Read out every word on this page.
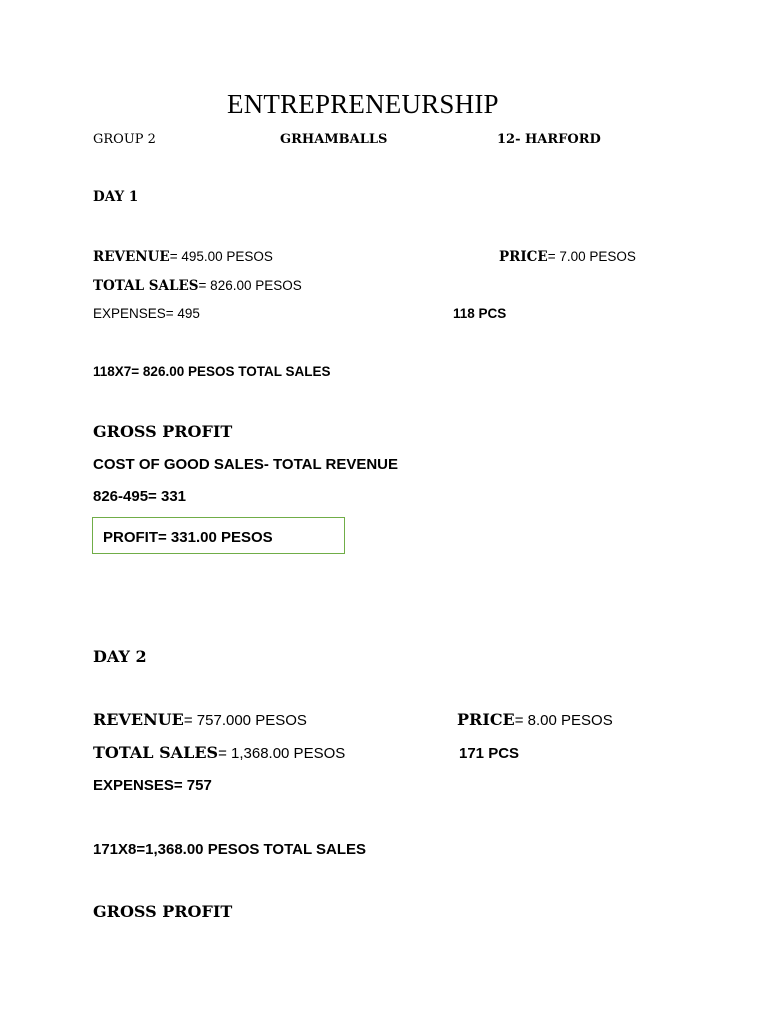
ENTREPRENEURSHIP
GROUP 2	GRHAMBALLS	12- HARFORD
DAY 1
REVENUE= 495.00 PESOS	PRICE= 7.00 PESOS
TOTAL SALES= 826.00 PESOS
EXPENSES= 495	118 PCS
118X7= 826.00 PESOS TOTAL SALES
GROSS PROFIT
COST OF GOOD SALES- TOTAL REVENUE
826-495= 331
PROFIT= 331.00 PESOS
DAY 2
REVENUE= 757.000 PESOS	PRICE= 8.00 PESOS
TOTAL SALES= 1,368.00 PESOS	171 PCS
EXPENSES= 757
171X8=1,368.00 PESOS TOTAL SALES
GROSS PROFIT
